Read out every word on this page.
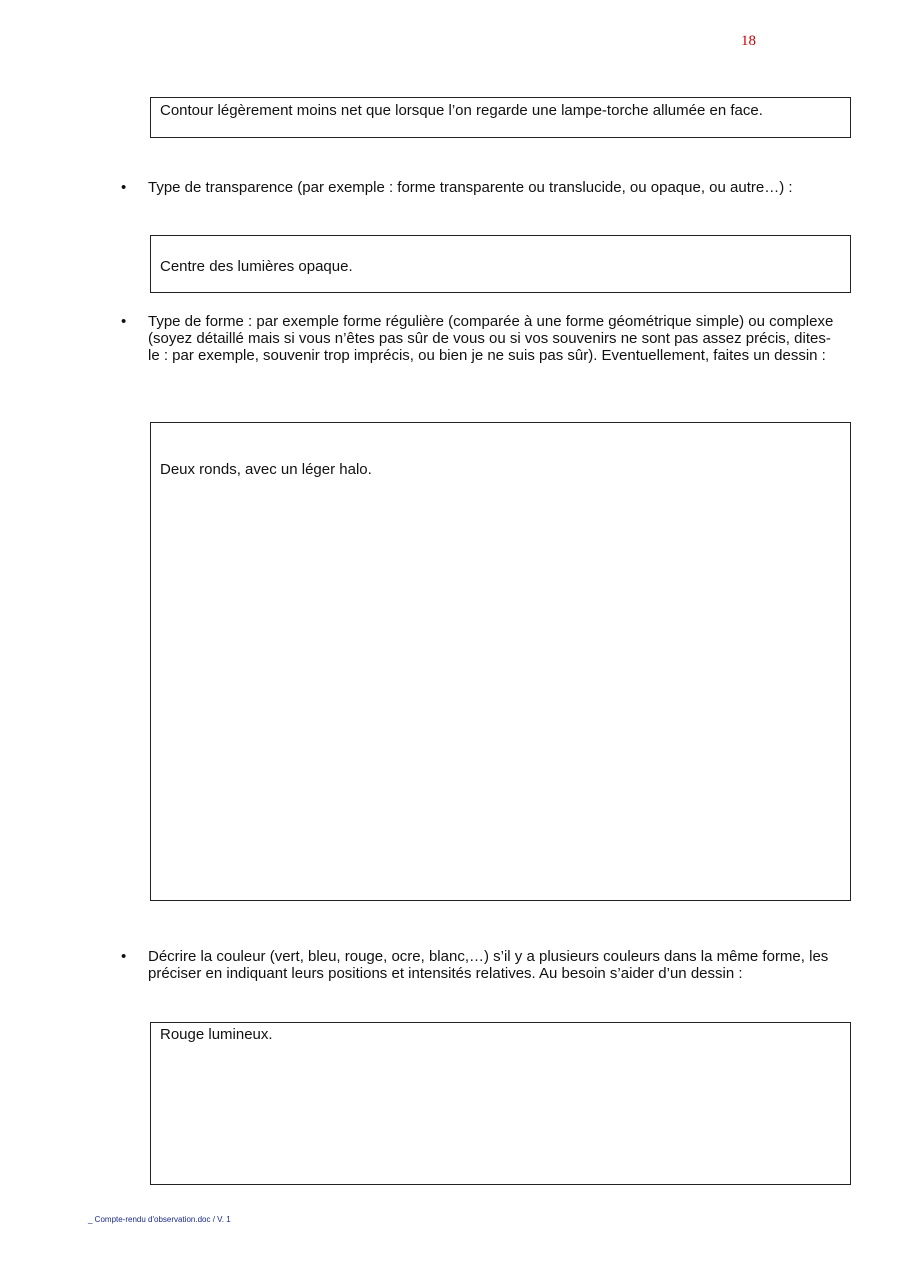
18
Contour légèrement moins net que lorsque l’on regarde une lampe-torche allumée en face.
• Type de transparence (par exemple : forme transparente ou translucide, ou opaque, ou autre…) :
Centre des lumières opaque.
• Type de forme : par exemple forme régulière (comparée à une forme géométrique simple) ou complexe (soyez détaillé mais si vous n’êtes pas sûr de vous ou si vos souvenirs ne sont pas assez précis, dites-le : par exemple, souvenir trop imprécis, ou bien je ne suis pas sûr). Eventuellement, faites un dessin :
Deux ronds, avec un léger halo.
• Décrire la couleur (vert, bleu, rouge, ocre, blanc,…) s’il y a plusieurs couleurs dans la même forme, les préciser en indiquant leurs positions et intensités relatives. Au besoin s’aider d’un dessin :
Rouge lumineux.
_ Compte-rendu d'observation.doc / V. 1
